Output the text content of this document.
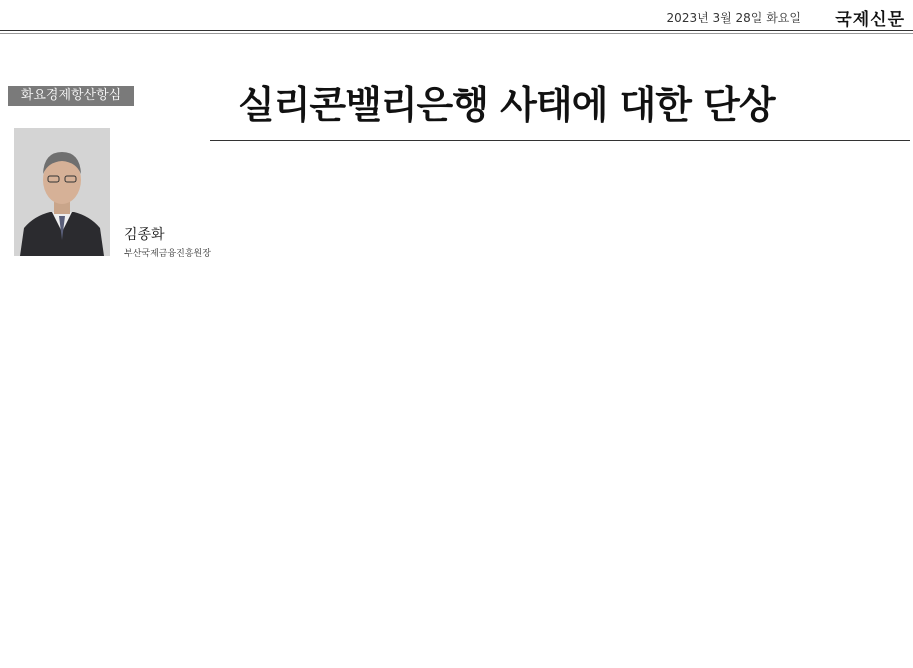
2023년 3월 28일 화요일 국제신문
화요경제항산항심	실리콘밸리은행 사태에 대한 단상
김종화
부산국제금융진흥원장
